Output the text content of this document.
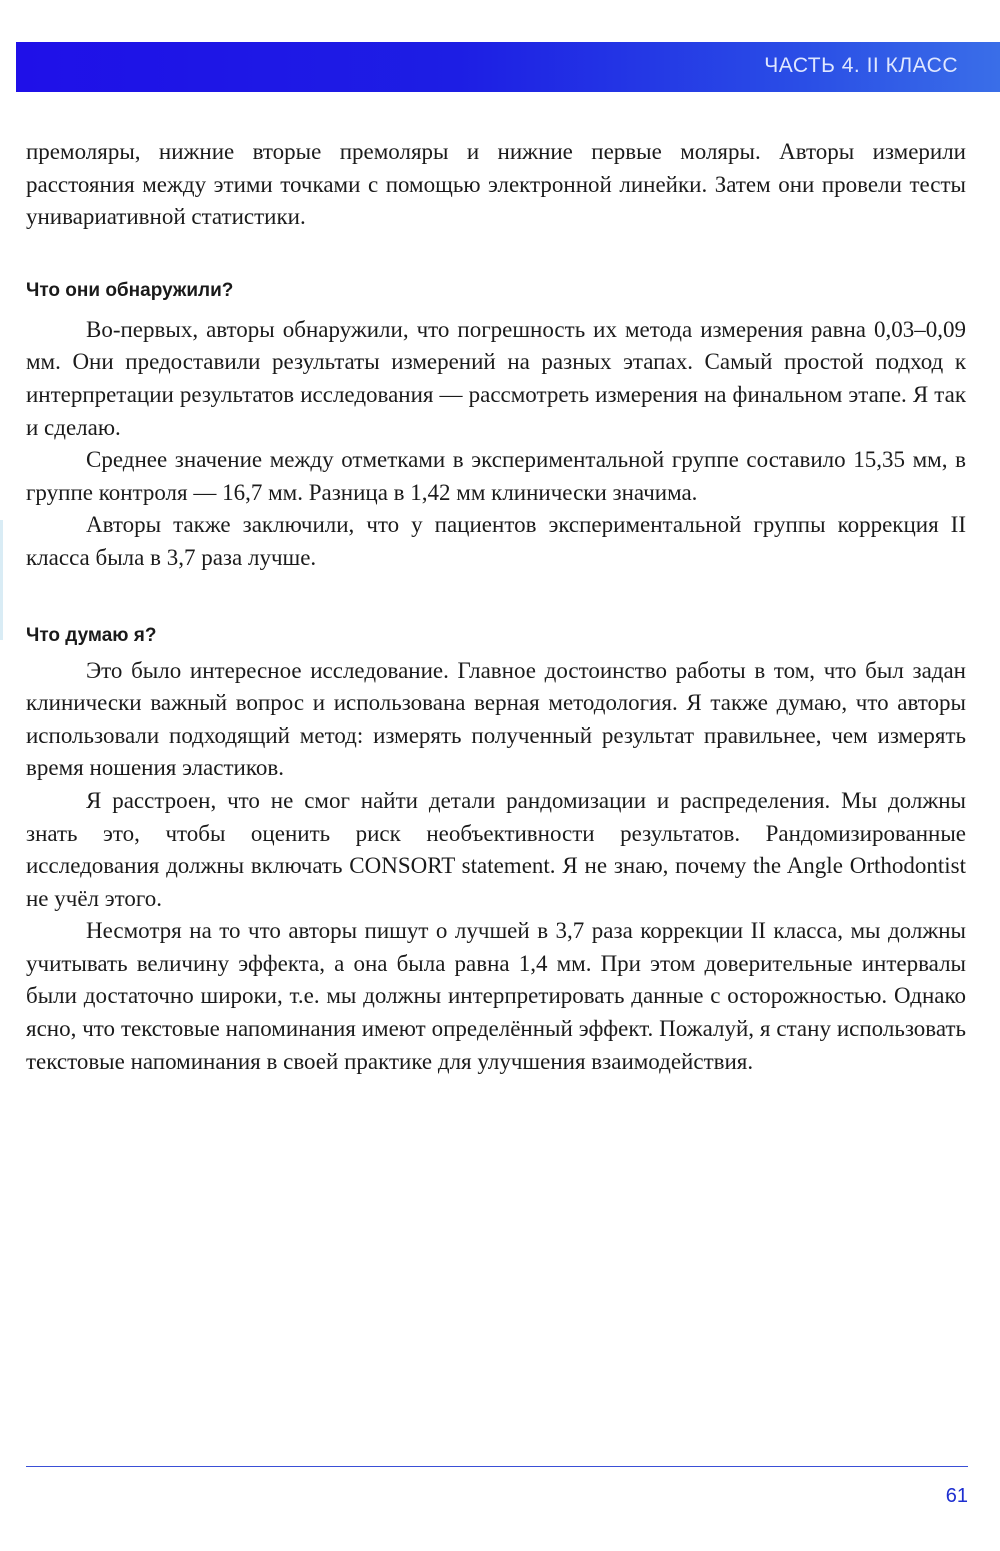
ЧАСТЬ 4. II КЛАСС

премоляры, нижние вторые премоляры и нижние первые моляры. Авторы измерили расстояния между этими точками с помощью электронной линейки. Затем они провели тесты унивариативной статистики.

Что они обнаружили?

Во-первых, авторы обнаружили, что погрешность их метода измерения равна 0,03–0,09 мм. Они предоставили результаты измерений на разных этапах. Самый простой подход к интерпретации результатов исследования — рассмотреть измерения на финальном этапе. Я так и сделаю.

Среднее значение между отметками в экспериментальной группе составило 15,35 мм, в группе контроля — 16,7 мм. Разница в 1,42 мм клинически значима.

Авторы также заключили, что у пациентов экспериментальной группы коррекция II класса была в 3,7 раза лучше.

Что думаю я?

Это было интересное исследование. Главное достоинство работы в том, что был задан клинически важный вопрос и использована верная методология. Я также думаю, что авторы использовали подходящий метод: измерять полученный результат правильнее, чем измерять время ношения эластиков.

Я расстроен, что не смог найти детали рандомизации и распределения. Мы должны знать это, чтобы оценить риск необъективности результатов. Рандомизированные исследования должны включать CONSORT statement. Я не знаю, почему the Angle Orthodontist не учёл этого.

Несмотря на то что авторы пишут о лучшей в 3,7 раза коррекции II класса, мы должны учитывать величину эффекта, а она была равна 1,4 мм. При этом доверительные интервалы были достаточно широки, т.е. мы должны интерпретировать данные с осторожностью. Однако ясно, что текстовые напоминания имеют определённый эффект. Пожалуй, я стану использовать текстовые напоминания в своей практике для улучшения взаимодействия.

61
